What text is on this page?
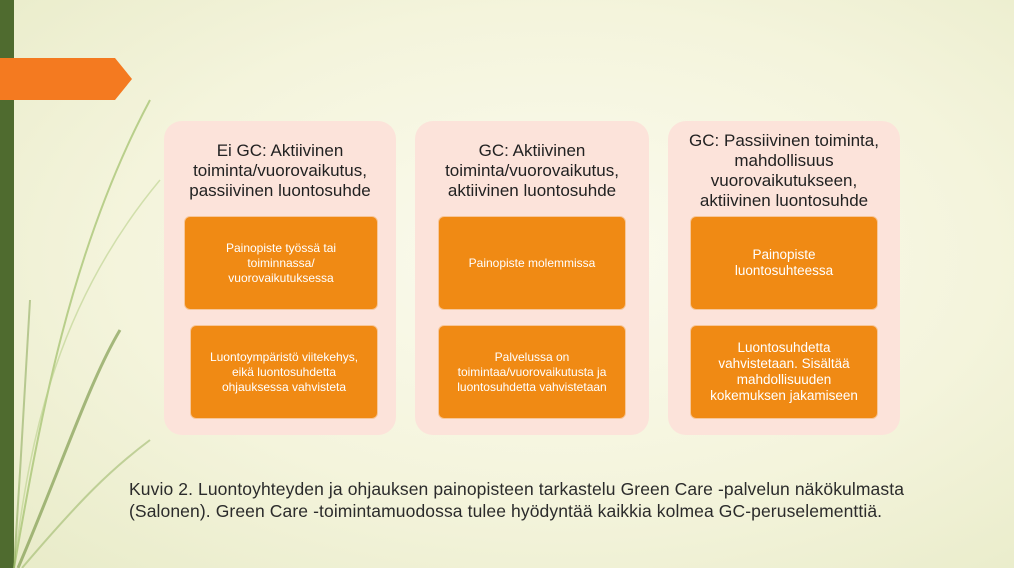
Ei GC: Aktiivinen toiminta/vuorovaikutus, passiivinen luontosuhde
Painopiste työssä tai toiminnassa/ vuorovaikutuksessa
Luontoympäristö viitekehys, eikä luontosuhdetta ohjauksessa vahvisteta
GC: Aktiivinen toiminta/vuorovaikutus, aktiivinen luontosuhde
Painopiste molemmissa
Palvelussa on toimintaa/vuorovaikutusta ja luontosuhdetta vahvistetaan
GC: Passiivinen toiminta, mahdollisuus vuorovaikutukseen, aktiivinen luontosuhde
Painopiste luontosuhteessa
Luontosuhdetta vahvistetaan. Sisältää mahdollisuuden kokemuksen jakamiseen
Kuvio 2. Luontoyhteyden ja ohjauksen painopisteen tarkastelu Green Care -palvelun näkökulmasta (Salonen). Green Care -toimintamuodossa tulee hyödyntää kaikkia kolmea GC-peruselementtiä.
